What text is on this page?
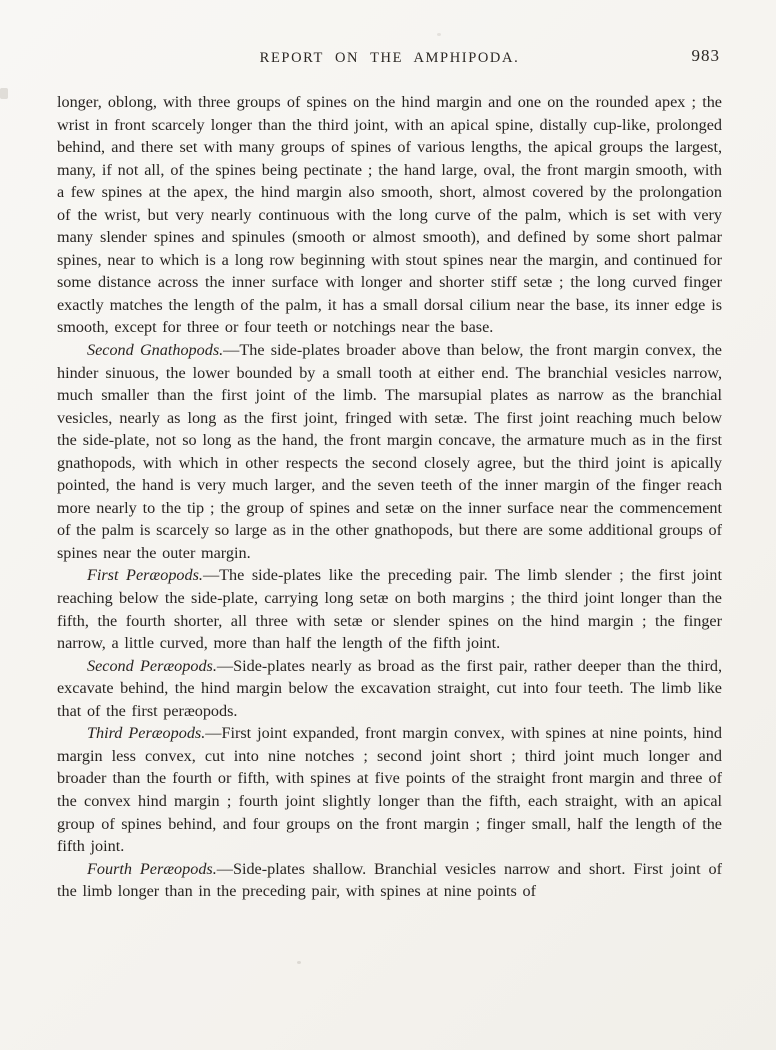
REPORT ON THE AMPHIPODA.	983

longer, oblong, with three groups of spines on the hind margin and one on the rounded apex ; the wrist in front scarcely longer than the third joint, with an apical spine, distally cup-like, prolonged behind, and there set with many groups of spines of various lengths, the apical groups the largest, many, if not all, of the spines being pectinate ; the hand large, oval, the front margin smooth, with a few spines at the apex, the hind margin also smooth, short, almost covered by the prolongation of the wrist, but very nearly continuous with the long curve of the palm, which is set with very many slender spines and spinules (smooth or almost smooth), and defined by some short palmar spines, near to which is a long row beginning with stout spines near the margin, and continued for some distance across the inner surface with longer and shorter stiff setæ ; the long curved finger exactly matches the length of the palm, it has a small dorsal cilium near the base, its inner edge is smooth, except for three or four teeth or notchings near the base.

Second Gnathopods.—The side-plates broader above than below, the front margin convex, the hinder sinuous, the lower bounded by a small tooth at either end. The branchial vesicles narrow, much smaller than the first joint of the limb. The marsupial plates as narrow as the branchial vesicles, nearly as long as the first joint, fringed with setæ. The first joint reaching much below the side-plate, not so long as the hand, the front margin concave, the armature much as in the first gnathopods, with which in other respects the second closely agree, but the third joint is apically pointed, the hand is very much larger, and the seven teeth of the inner margin of the finger reach more nearly to the tip ; the group of spines and setæ on the inner surface near the commencement of the palm is scarcely so large as in the other gnathopods, but there are some additional groups of spines near the outer margin.

First Peræopods.—The side-plates like the preceding pair. The limb slender ; the first joint reaching below the side-plate, carrying long setæ on both margins ; the third joint longer than the fifth, the fourth shorter, all three with setæ or slender spines on the hind margin ; the finger narrow, a little curved, more than half the length of the fifth joint.

Second Peræopods.—Side-plates nearly as broad as the first pair, rather deeper than the third, excavate behind, the hind margin below the excavation straight, cut into four teeth. The limb like that of the first peræopods.

Third Peræopods.—First joint expanded, front margin convex, with spines at nine points, hind margin less convex, cut into nine notches ; second joint short ; third joint much longer and broader than the fourth or fifth, with spines at five points of the straight front margin and three of the convex hind margin ; fourth joint slightly longer than the fifth, each straight, with an apical group of spines behind, and four groups on the front margin ; finger small, half the length of the fifth joint.

Fourth Peræopods.—Side-plates shallow. Branchial vesicles narrow and short. First joint of the limb longer than in the preceding pair, with spines at nine points of
